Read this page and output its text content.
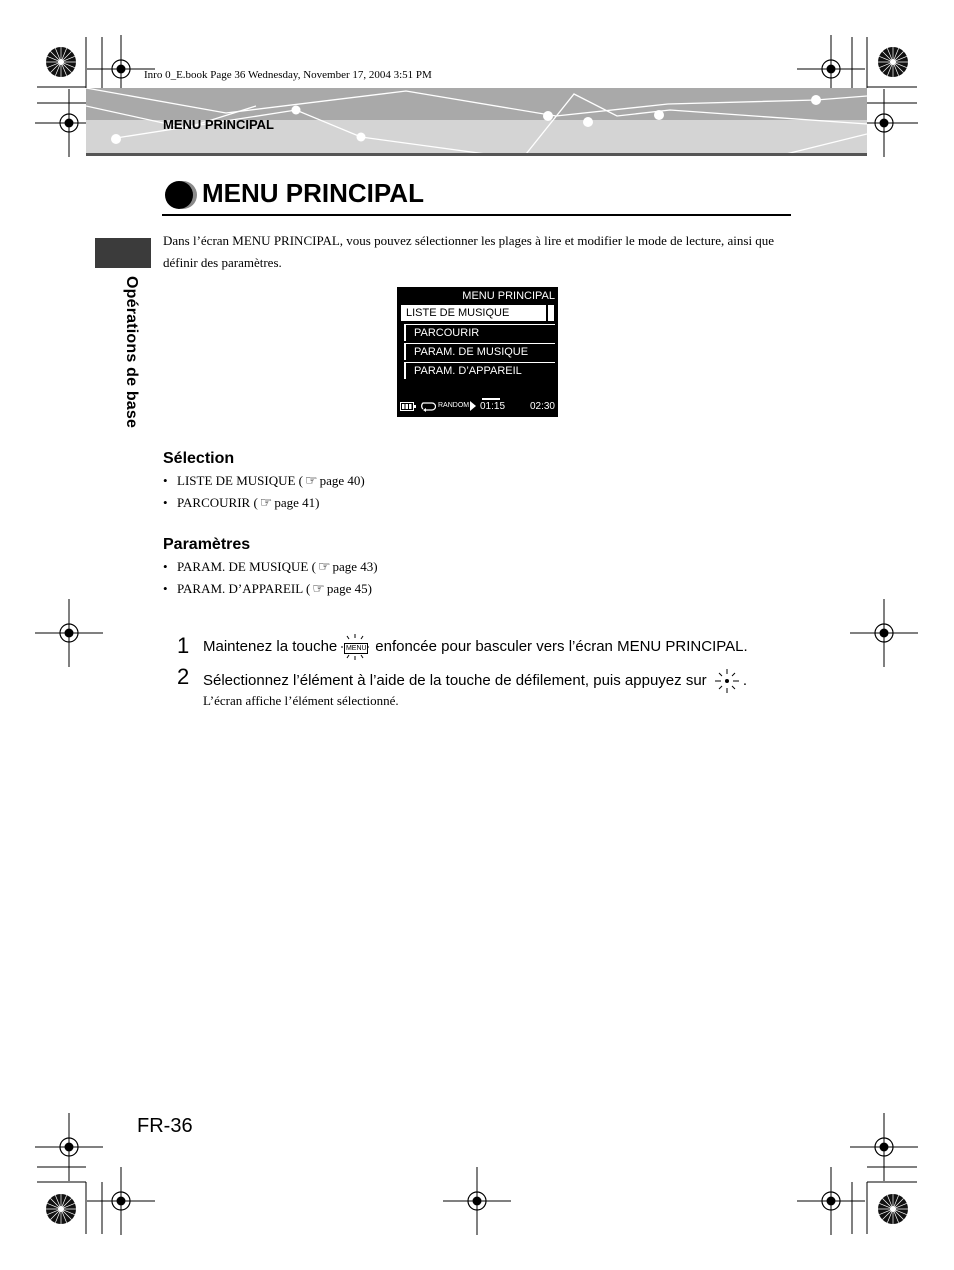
Inro 0_E.book Page 36 Wednesday, November 17, 2004 3:51 PM
MENU PRINCIPAL
Opérations de base
MENU PRINCIPAL
Dans l’écran MENU PRINCIPAL, vous pouvez sélectionner les plages à lire et modifier le mode de lecture, ainsi que définir des paramètres.
MENU PRINCIPAL
LISTE DE MUSIQUE
PARCOURIR
PARAM. DE MUSIQUE
PARAM. D’APPAREIL
RANDOM 01:15 02:30
Sélection
• LISTE DE MUSIQUE ( ☞ page 40)
• PARCOURIR ( ☞ page 41)
Paramètres
• PARAM. DE MUSIQUE ( ☞ page 43)
• PARAM. D’APPAREIL ( ☞ page 45)
1 Maintenez la touche MENU enfoncée pour basculer vers l’écran MENU PRINCIPAL.
2 Sélectionnez l’élément à l’aide de la touche de défilement, puis appuyez sur .
L’écran affiche l’élément sélectionné.
FR-36
